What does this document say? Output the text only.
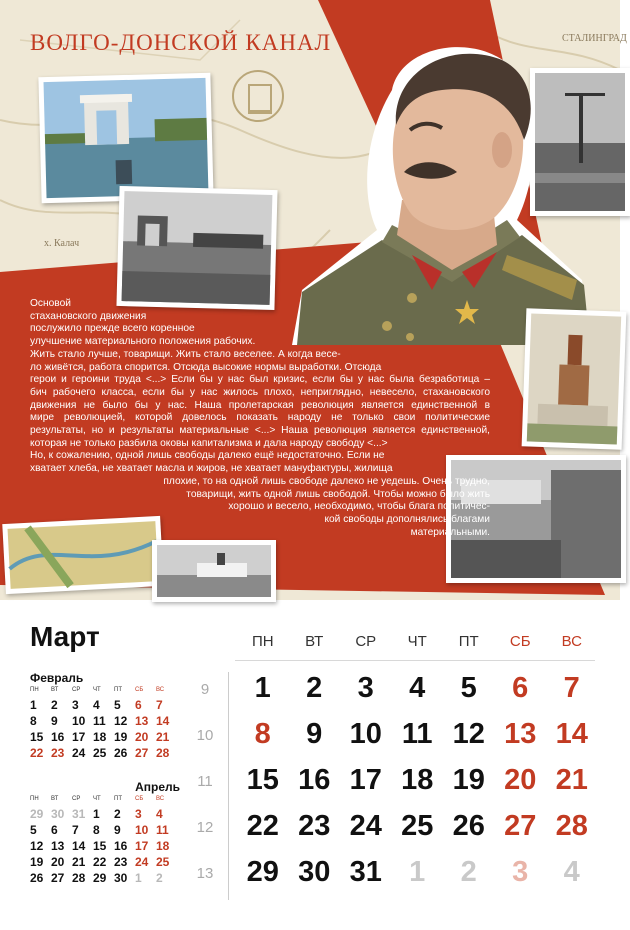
ВОЛГО-ДОНСКОЙ КАНАЛ	СТАЛИНГРАД
х. Калач

Основой

стахановского движения

послужило прежде всего коренное

улучшение материального положения рабочих.

Жить стало лучше, товарищи. Жить стало веселее. А когда весе-

ло живётся, работа спорится. Отсюда высокие нормы выработки. Отсюда

герои и героини труда <...> Если бы у нас был кризис, если бы у нас была безработица –

бич рабочего класса, если бы у нас жилось плохо, неприглядно, невесело, стахановского

движения не было бы у нас. Наша пролетарская революция является единственной в

мире революцией, которой довелось показать народу не только свои политические

результаты, но и результаты материальные <...> Наша революция является единственной,

которая не только разбила оковы капитализма и дала народу свободу <...>

Но, к сожалению, одной лишь свободы далеко ещё недостаточно. Если не

хватает хлеба, не хватает масла и жиров, не хватает мануфактуры, жилища

плохие, то на одной лишь свободе далеко не уедешь. Очень трудно,

товарищи, жить одной лишь свободой. Чтобы можно было жить

хорошо и весело, необходимо, чтобы блага политичес-

кой свободы дополнялись благами

материальными.

Март
Февраль
ПН	ВТ	СР	ЧТ	ПТ	СБ	ВС
1	2	3	4	5	6	7
8	9	10 11 12 13 14
15 16 17 18 19 20 21
22 23 24 25 26 27 28
Апрель
ПН	ВТ	СР	ЧТ	ПТ	СБ	ВС
29 30 31 1	2	3	4
5	6	7	8	9	10 11
12 13 14 15 16 17 18
19 20 21 22 23 24 25
26 27 28 29 30 1	2
9
10
11
12
13
ПН	ВТ	СР	ЧТ	ПТ	СБ	ВС
1	2	3	4	5	6	7
8	9 10 11 12 13 14
15 16 17 18 19 20 21
22 23 24 25 26 27 28
29 30 31 1	2	3	4
